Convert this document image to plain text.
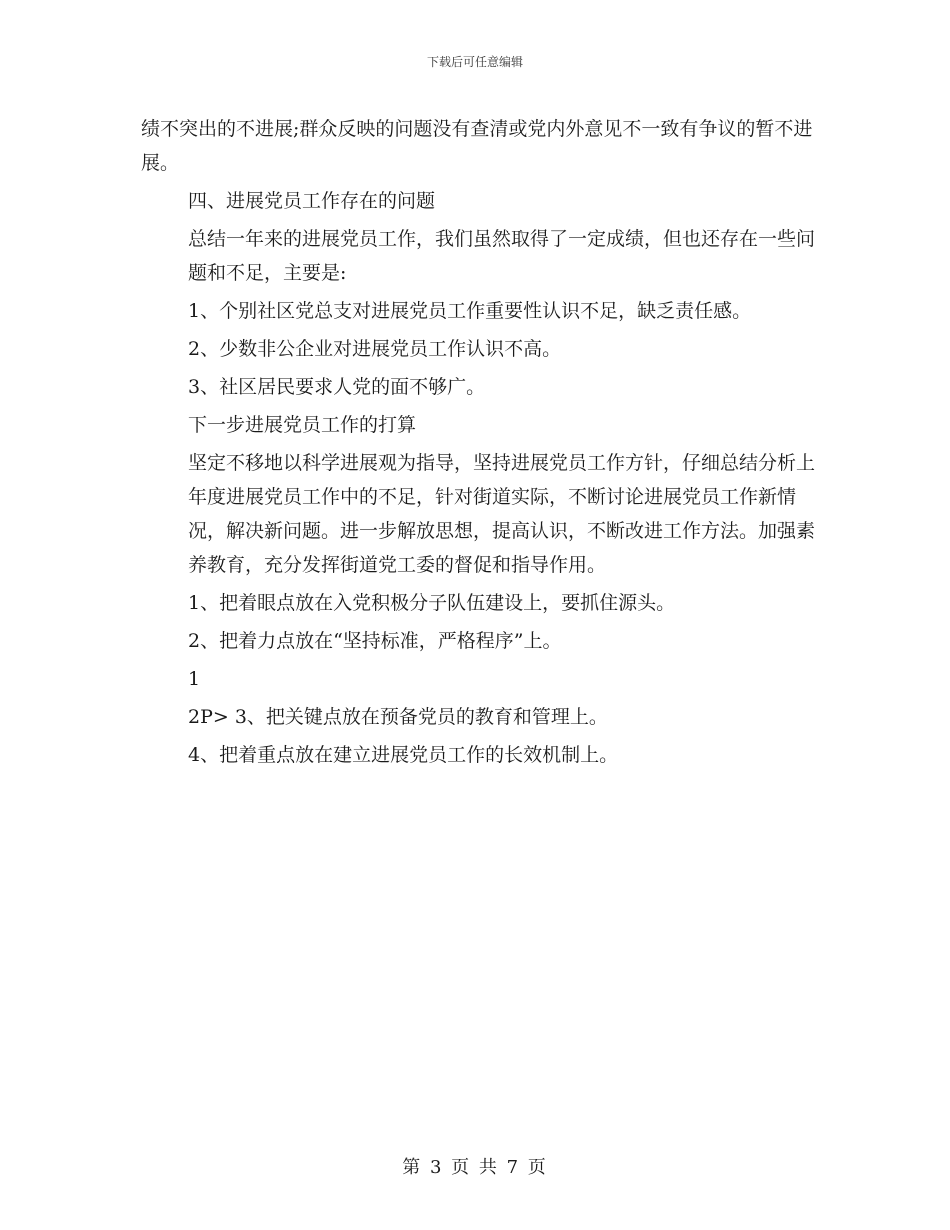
下载后可任意编辑

绩不突出的不进展;群众反映的问题没有查清或党内外意见不一致有争议的暂不进展。

四、进展党员工作存在的问题

总结一年来的进展党员工作，我们虽然取得了一定成绩，但也还存在一些问题和不足，主要是:

1、个别社区党总支对进展党员工作重要性认识不足，缺乏责任感。

2、少数非公企业对进展党员工作认识不高。

3、社区居民要求人党的面不够广。

下一步进展党员工作的打算

坚定不移地以科学进展观为指导，坚持进展党员工作方针，仔细总结分析上年度进展党员工作中的不足，针对街道实际，不断讨论进展党员工作新情况，解决新问题。进一步解放思想，提高认识，不断改进工作方法。加强素养教育，充分发挥街道党工委的督促和指导作用。

1、把着眼点放在入党积极分子队伍建设上，要抓住源头。

2、把着力点放在“坚持标准，严格程序”上。

1

2P> 3、把关键点放在预备党员的教育和管理上。

4、把着重点放在建立进展党员工作的长效机制上。

第 3 页 共 7 页
